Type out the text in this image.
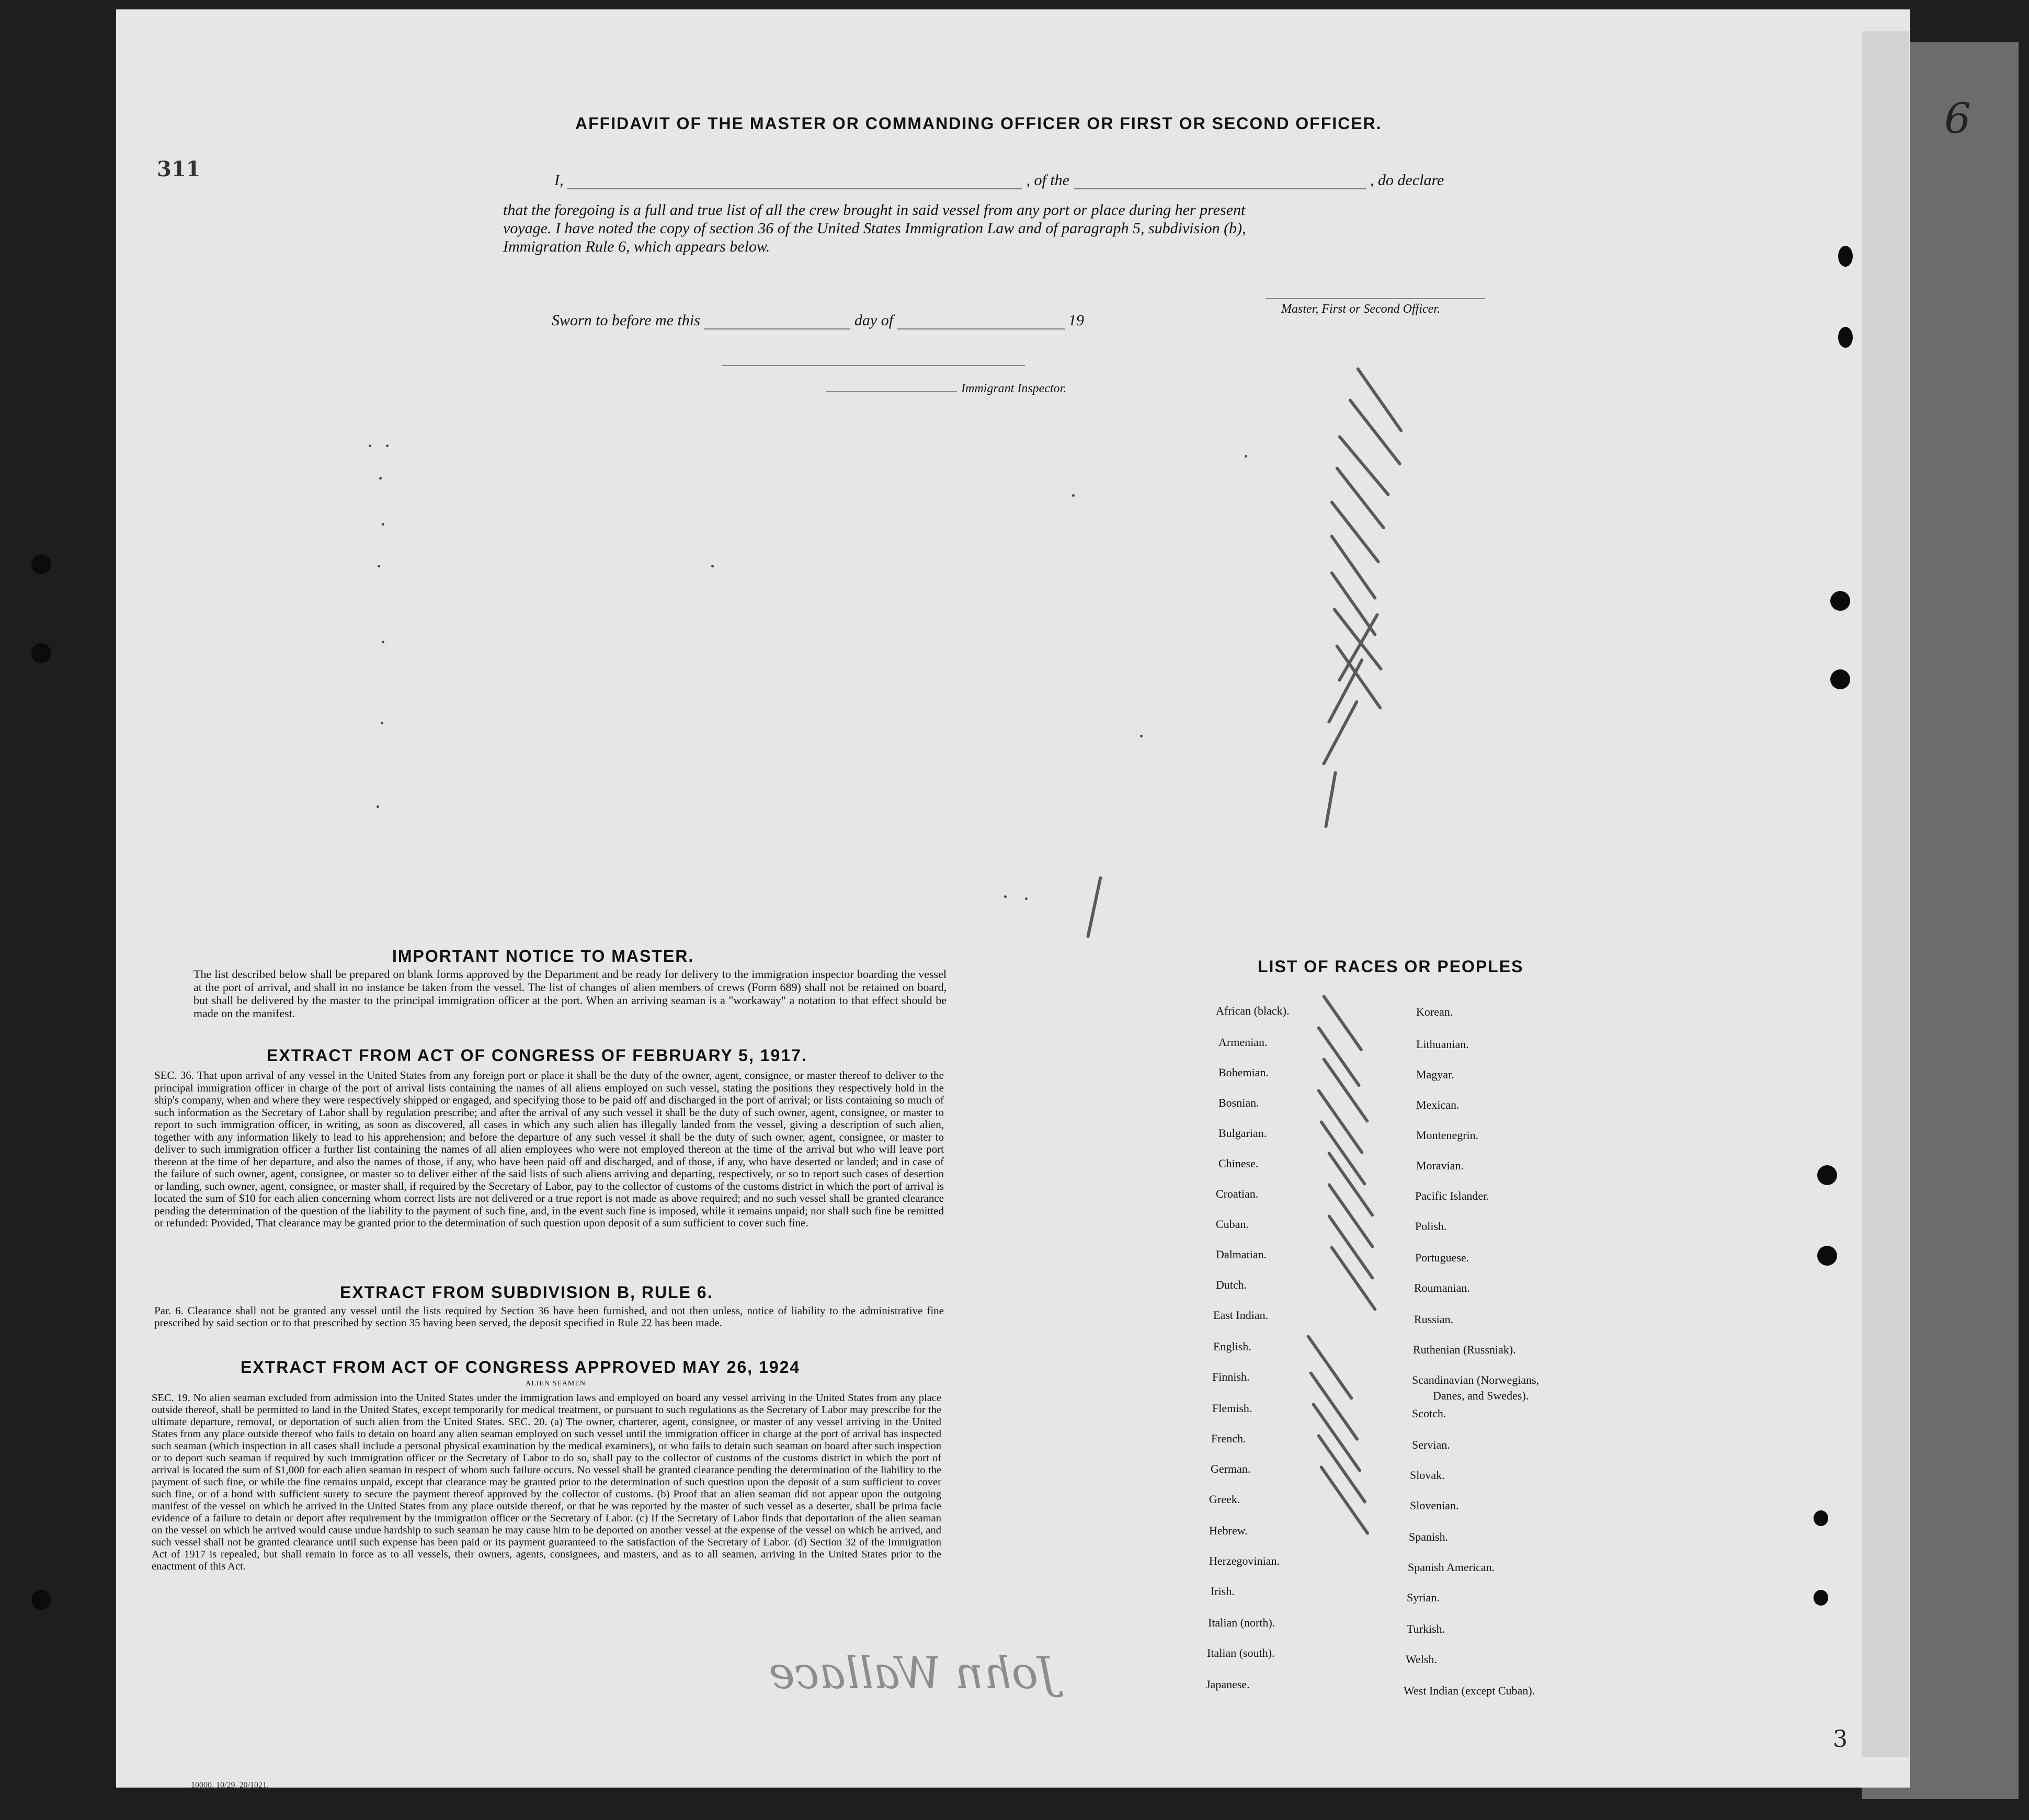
311
AFFIDAVIT OF THE MASTER OR COMMANDING OFFICER OR FIRST OR SECOND OFFICER.
I,	, of the	, do declare
that the foregoing is a full and true list of all the crew brought in said vessel from any port or place during her present
voyage. I have noted the copy of section 36 of the United States Immigration Law and of paragraph 5, subdivision (b),
Immigration Rule 6, which appears below.
Master, First or Second Officer.
Sworn to before me this	day of	19
Immigrant Inspector.
IMPORTANT NOTICE TO MASTER.
The list described below shall be prepared on blank forms approved by the Department and be ready for delivery to the immigration inspector boarding the vessel at the port of arrival, and shall in no instance be taken from the vessel. The list of changes of alien members of crews (Form 689) shall not be retained on board, but shall be delivered by the master to the principal immigration officer at the port. When an arriving seaman is a "workaway" a notation to that effect should be made on the manifest.
EXTRACT FROM ACT OF CONGRESS OF FEBRUARY 5, 1917.
SEC. 36. That upon arrival of any vessel in the United States from any foreign port or place it shall be the duty of the owner, agent, consignee, or master thereof to deliver to the principal immigration officer in charge of the port of arrival lists containing the names of all aliens employed on such vessel, stating the positions they respectively hold in the ship's company, when and where they were respectively shipped or engaged, and specifying those to be paid off and discharged in the port of arrival; or lists containing so much of such information as the Secretary of Labor shall by regulation prescribe; and after the arrival of any such vessel it shall be the duty of such owner, agent, consignee, or master to report to such immigration officer, in writing, as soon as discovered, all cases in which any such alien has illegally landed from the vessel, giving a description of such alien, together with any information likely to lead to his apprehension; and before the departure of any such vessel it shall be the duty of such owner, agent, consignee, or master to deliver to such immigration officer a further list containing the names of all alien employees who were not employed thereon at the time of the arrival but who will leave port thereon at the time of her departure, and also the names of those, if any, who have been paid off and discharged, and of those, if any, who have deserted or landed; and in case of the failure of such owner, agent, consignee, or master so to deliver either of the said lists of such aliens arriving and departing, respectively, or so to report such cases of desertion or landing, such owner, agent, consignee, or master shall, if required by the Secretary of Labor, pay to the collector of customs of the customs district in which the port of arrival is located the sum of $10 for each alien concerning whom correct lists are not delivered or a true report is not made as above required; and no such vessel shall be granted clearance pending the determination of the question of the liability to the payment of such fine, and, in the event such fine is imposed, while it remains unpaid; nor shall such fine be remitted or refunded: Provided, That clearance may be granted prior to the determination of such question upon deposit of a sum sufficient to cover such fine.
EXTRACT FROM SUBDIVISION B, RULE 6.
Par. 6. Clearance shall not be granted any vessel until the lists required by Section 36 have been furnished, and not then unless, notice of liability to the administrative fine prescribed by said section or to that prescribed by section 35 having been served, the deposit specified in Rule 22 has been made.
EXTRACT FROM ACT OF CONGRESS APPROVED MAY 26, 1924
ALIEN SEAMEN
SEC. 19. No alien seaman excluded from admission into the United States under the immigration laws and employed on board any vessel arriving in the United States from any place outside thereof, shall be permitted to land in the United States, except temporarily for medical treatment, or pursuant to such regulations as the Secretary of Labor may prescribe for the ultimate departure, removal, or deportation of such alien from the United States. SEC. 20. (a) The owner, charterer, agent, consignee, or master of any vessel arriving in the United States from any place outside thereof who fails to detain on board any alien seaman employed on such vessel until the immigration officer in charge at the port of arrival has inspected such seaman (which inspection in all cases shall include a personal physical examination by the medical examiners), or who fails to detain such seaman on board after such inspection or to deport such seaman if required by such immigration officer or the Secretary of Labor to do so, shall pay to the collector of customs of the customs district in which the port of arrival is located the sum of $1,000 for each alien seaman in respect of whom such failure occurs. No vessel shall be granted clearance pending the determination of the liability to the payment of such fine, or while the fine remains unpaid, except that clearance may be granted prior to the determination of such question upon the deposit of a sum sufficient to cover such fine, or of a bond with sufficient surety to secure the payment thereof approved by the collector of customs. (b) Proof that an alien seaman did not appear upon the outgoing manifest of the vessel on which he arrived in the United States from any place outside thereof, or that he was reported by the master of such vessel as a deserter, shall be prima facie evidence of a failure to detain or deport after requirement by the immigration officer or the Secretary of Labor. (c) If the Secretary of Labor finds that deportation of the alien seaman on the vessel on which he arrived would cause undue hardship to such seaman he may cause him to be deported on another vessel at the expense of the vessel on which he arrived, and such vessel shall not be granted clearance until such expense has been paid or its payment guaranteed to the satisfaction of the Secretary of Labor. (d) Section 32 of the Immigration Act of 1917 is repealed, but shall remain in force as to all vessels, their owners, agents, consignees, and masters, and as to all seamen, arriving in the United States prior to the enactment of this Act.
John Wallace
LIST OF RACES OR PEOPLES
African (black).
Armenian.
Bohemian.
Bosnian.
Bulgarian.
Chinese.
Croatian.
Cuban.
Dalmatian.
Dutch.
East Indian.
English.
Finnish.
Flemish.
French.
German.
Greek.
Hebrew.
Herzegovinian.
Irish.
Italian (north).
Italian (south).
Japanese.
Korean.
Lithuanian.
Magyar.
Mexican.
Montenegrin.
Moravian.
Pacific Islander.
Polish.
Portuguese.
Roumanian.
Russian.
Ruthenian (Russniak).
Scandinavian (Norwegians,
Danes, and Swedes).
Scotch.
Servian.
Slovak.
Slovenian.
Spanish.
Spanish American.
Syrian.
Turkish.
Welsh.
West Indian (except Cuban).
6
3
10000. 10/29. 20/1021.
